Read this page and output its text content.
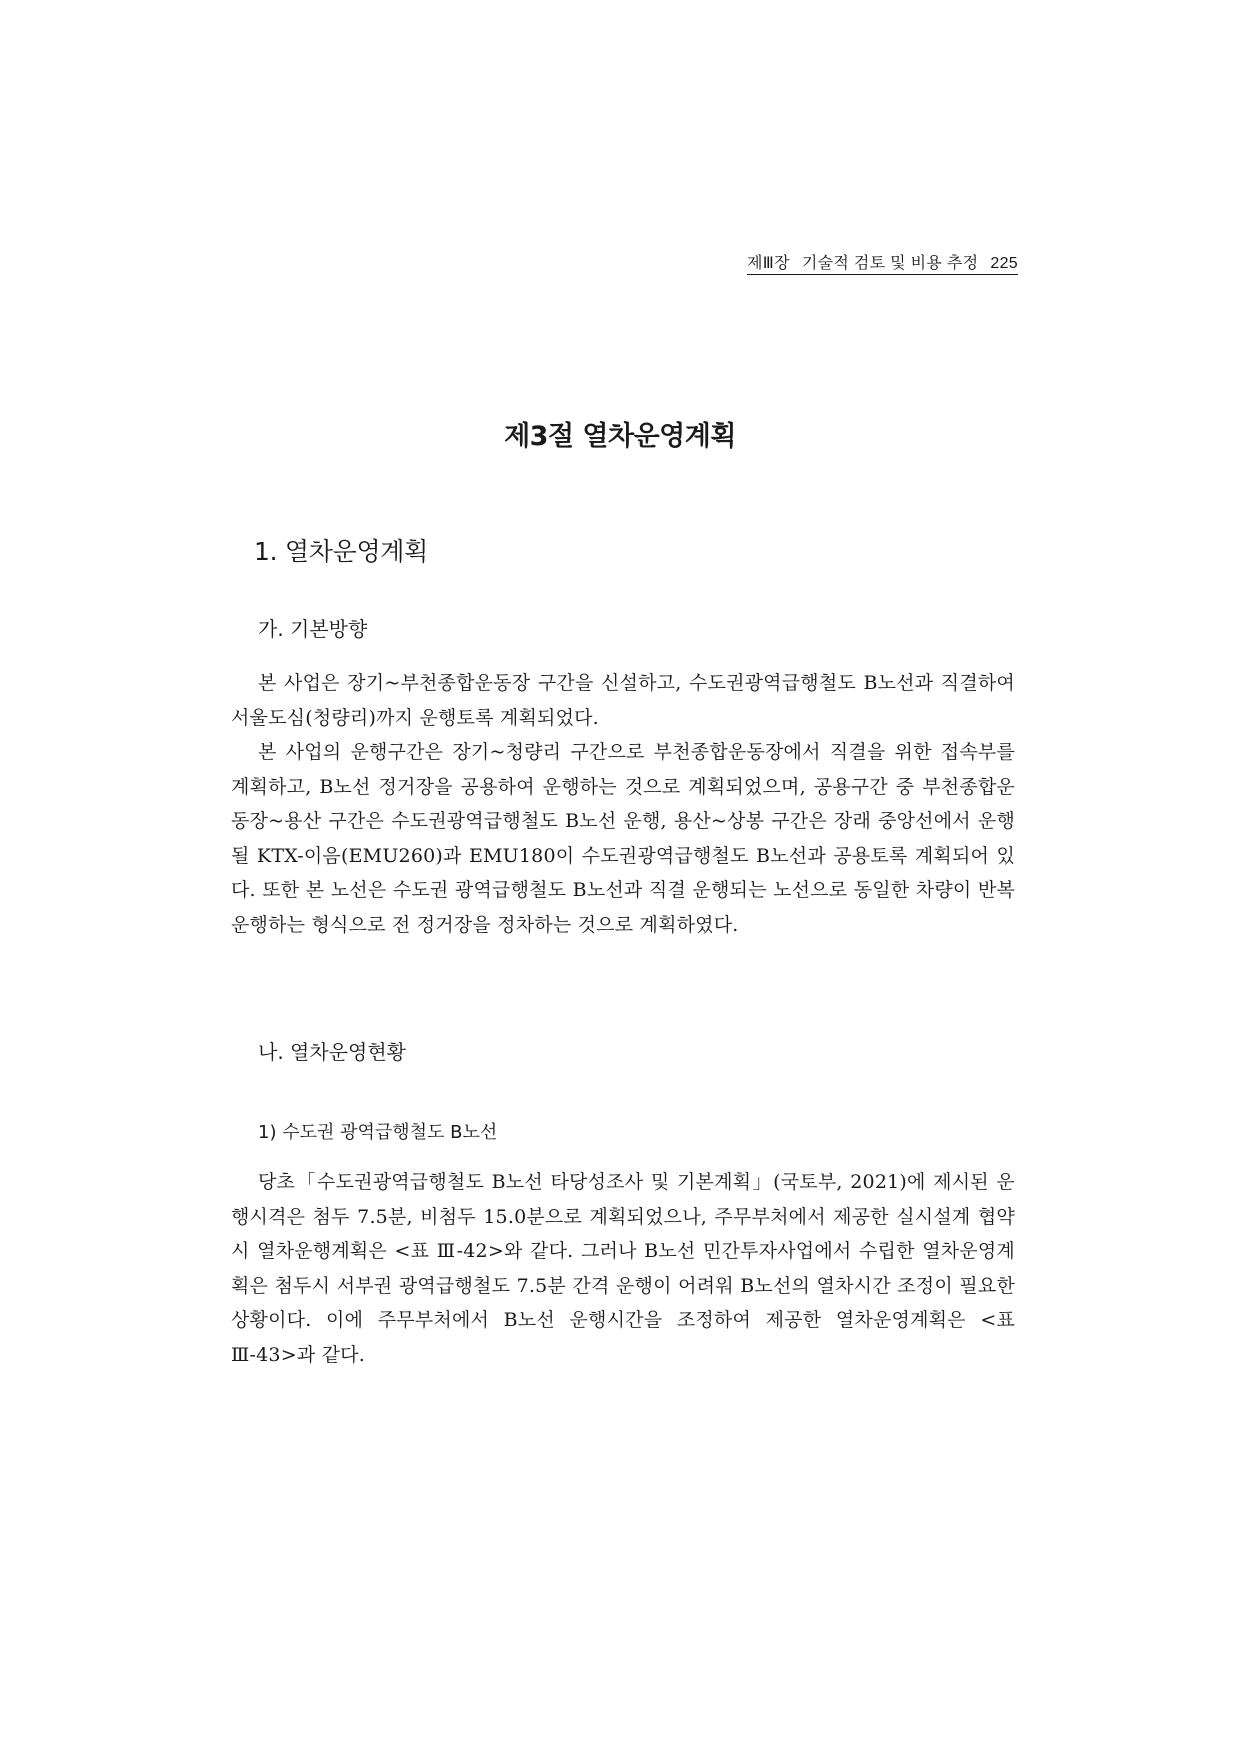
제Ⅲ장 기술적 검토 및 비용 추정 225
제3절 열차운영계획
1. 열차운영계획
가. 기본방향

본 사업은 장기~부천종합운동장 구간을 신설하고, 수도권광역급행철도 B노선과 직결하여 서울도심(청량리)까지 운행토록 계획되었다.

본 사업의 운행구간은 장기~청량리 구간으로 부천종합운동장에서 직결을 위한 접속부를 계획하고, B노선 정거장을 공용하여 운행하는 것으로 계획되었으며, 공용구간 중 부천종합운동장~용산 구간은 수도권광역급행철도 B노선 운행, 용산~상봉 구간은 장래 중앙선에서 운행될 KTX-이음(EMU260)과 EMU180이 수도권광역급행철도 B노선과 공용토록 계획되어 있다. 또한 본 노선은 수도권 광역급행철도 B노선과 직결 운행되는 노선으로 동일한 차량이 반복 운행하는 형식으로 전 정거장을 정차하는 것으로 계획하였다.

나. 열차운영현황
1) 수도권 광역급행철도 B노선

당초「수도권광역급행철도 B노선 타당성조사 및 기본계획」(국토부, 2021)에 제시된 운행시격은 첨두 7.5분, 비첨두 15.0분으로 계획되었으나, 주무부처에서 제공한 실시설계 협약시 열차운행계획은 <표 Ⅲ-42>와 같다. 그러나 B노선 민간투자사업에서 수립한 열차운영계획은 첨두시 서부권 광역급행철도 7.5분 간격 운행이 어려워 B노선의 열차시간 조정이 필요한 상황이다. 이에 주무부처에서 B노선 운행시간을 조정하여 제공한 열차운영계획은 <표 Ⅲ-43>과 같다.
